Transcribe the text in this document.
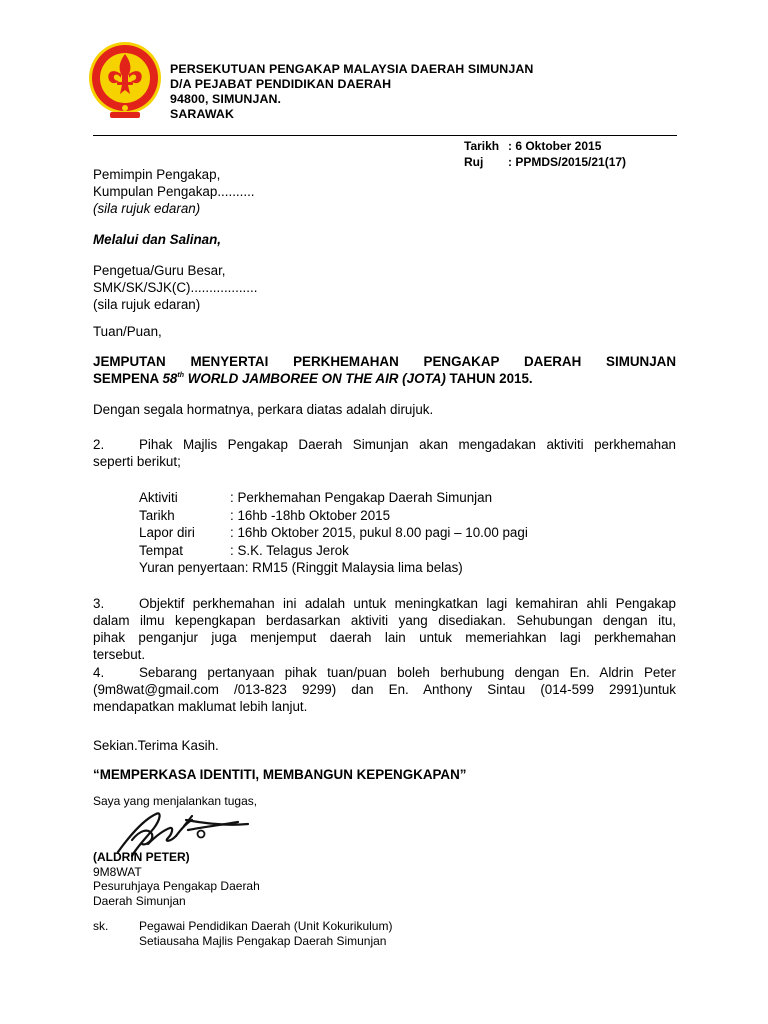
PERSEKUTUAN PENGAKAP MALAYSIA DAERAH SIMUNJAN
D/A PEJABAT PENDIDIKAN DAERAH
94800, SIMUNJAN.
SARAWAK
Tarikh : 6 Oktober 2015
Ruj : PPMDS/2015/21(17)
Pemimpin Pengakap,
Kumpulan Pengakap..........
(sila rujuk edaran)
Melalui dan Salinan,
Pengetua/Guru Besar,
SMK/SK/SJK(C)..................
(sila rujuk edaran)
Tuan/Puan,
JEMPUTAN MENYERTAI PERKHEMAHAN PENGAKAP DAERAH SIMUNJAN
SEMPENA 58th WORLD JAMBOREE ON THE AIR (JOTA) TAHUN 2015.
Dengan segala hormatnya, perkara diatas adalah dirujuk.
2.	Pihak Majlis Pengakap Daerah Simunjan akan mengadakan aktiviti perkhemahan
seperti berikut;
Aktiviti	: Perkhemahan Pengakap Daerah Simunjan
Tarikh	: 16hb -18hb Oktober 2015
Lapor diri	: 16hb Oktober 2015, pukul 8.00 pagi – 10.00 pagi
Tempat	: S.K. Telagus Jerok
Yuran penyertaan: RM15 (Ringgit Malaysia lima belas)
3.	Objektif perkhemahan ini adalah untuk meningkatkan lagi kemahiran ahli Pengakap
dalam ilmu kepengkapan berdasarkan aktiviti yang disediakan. Sehubungan dengan itu,
pihak penganjur juga menjemput daerah lain untuk memeriahkan lagi perkhemahan
tersebut.
4.	Sebarang pertanyaan pihak tuan/puan boleh berhubung dengan En. Aldrin Peter
(9m8wat@gmail.com /013-823 9299) dan En. Anthony Sintau (014-599 2991)untuk
mendapatkan maklumat lebih lanjut.
Sekian.Terima Kasih.
“MEMPERKASA IDENTITI, MEMBANGUN KEPENGKAPAN”
Saya yang menjalankan tugas,
(ALDRIN PETER)
9M8WAT
Pesuruhjaya Pengakap Daerah
Daerah Simunjan
sk.	Pegawai Pendidikan Daerah (Unit Kokurikulum)
Setiausaha Majlis Pengakap Daerah Simunjan
